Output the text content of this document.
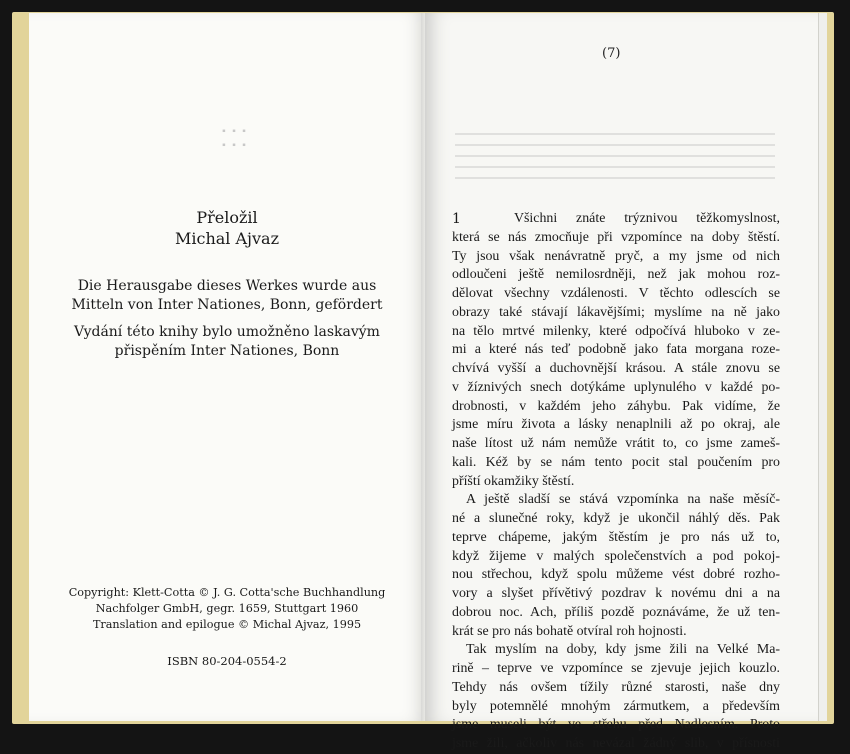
▪ ▪ ▪
▪ ▪ ▪
Přeložil
Michal Ajvaz

Die Herausgabe dieses Werkes wurde aus
Mitteln von Inter Nationes, Bonn, gefördert

Vydání této knihy bylo umožněno laskavým
přispěním Inter Nationes, Bonn

Copyright: Klett-Cotta © J. G. Cotta'sche Buchhandlung
Nachfolger GmbH, gegr. 1659, Stuttgart 1960
Translation and epilogue © Michal Ajvaz, 1995
ISBN 80-204-0554-2
(7)
1	Všichni znáte trýznivou těžkomyslnost,
která se nás zmocňuje při vzpomínce na doby štěstí.
Ty jsou však nenávratně pryč, a my jsme od nich
odloučeni ještě nemilosrdněji, než jak mohou roz-
dělovat všechny vzdálenosti. V těchto odlescích se
obrazy také stávají lákavějšími; myslíme na ně jako
na tělo mrtvé milenky, které odpočívá hluboko v ze-
mi a které nás teď podobně jako fata morgana roze-
chvívá vyšší a duchovnější krásou. A stále znovu se
v žíznivých snech dotýkáme uplynulého v každé po-
drobnosti, v každém jeho záhybu. Pak vidíme, že
jsme míru života a lásky nenaplnili až po okraj, ale
naše lítost už nám nemůže vrátit to, co jsme zameš-
kali. Kéž by se nám tento pocit stal poučením pro
příští okamžiky štěstí.
A ještě sladší se stává vzpomínka na naše měsíč-
né a slunečné roky, když je ukončil náhlý děs. Pak
teprve chápeme, jakým štěstím je pro nás už to,
když žijeme v malých společenstvích a pod pokoj-
nou střechou, když spolu můžeme vést dobré rozho-
vory a slyšet přívětivý pozdrav k novému dni a na
dobrou noc. Ach, příliš pozdě poznáváme, že už ten-
krát se pro nás bohatě otvíral roh hojnosti.
Tak myslím na doby, kdy jsme žili na Velké Ma-
rině – teprve ve vzpomínce se zjevuje jejich kouzlo.
Tehdy nás ovšem tížily různé starosti, naše dny
byly potemnělé mnohým zármutkem, a především
jsme museli být ve střehu před Nadlesním. Proto
jsme žili, ačkoliv nás nevázal žádný slib, v přísnosti
